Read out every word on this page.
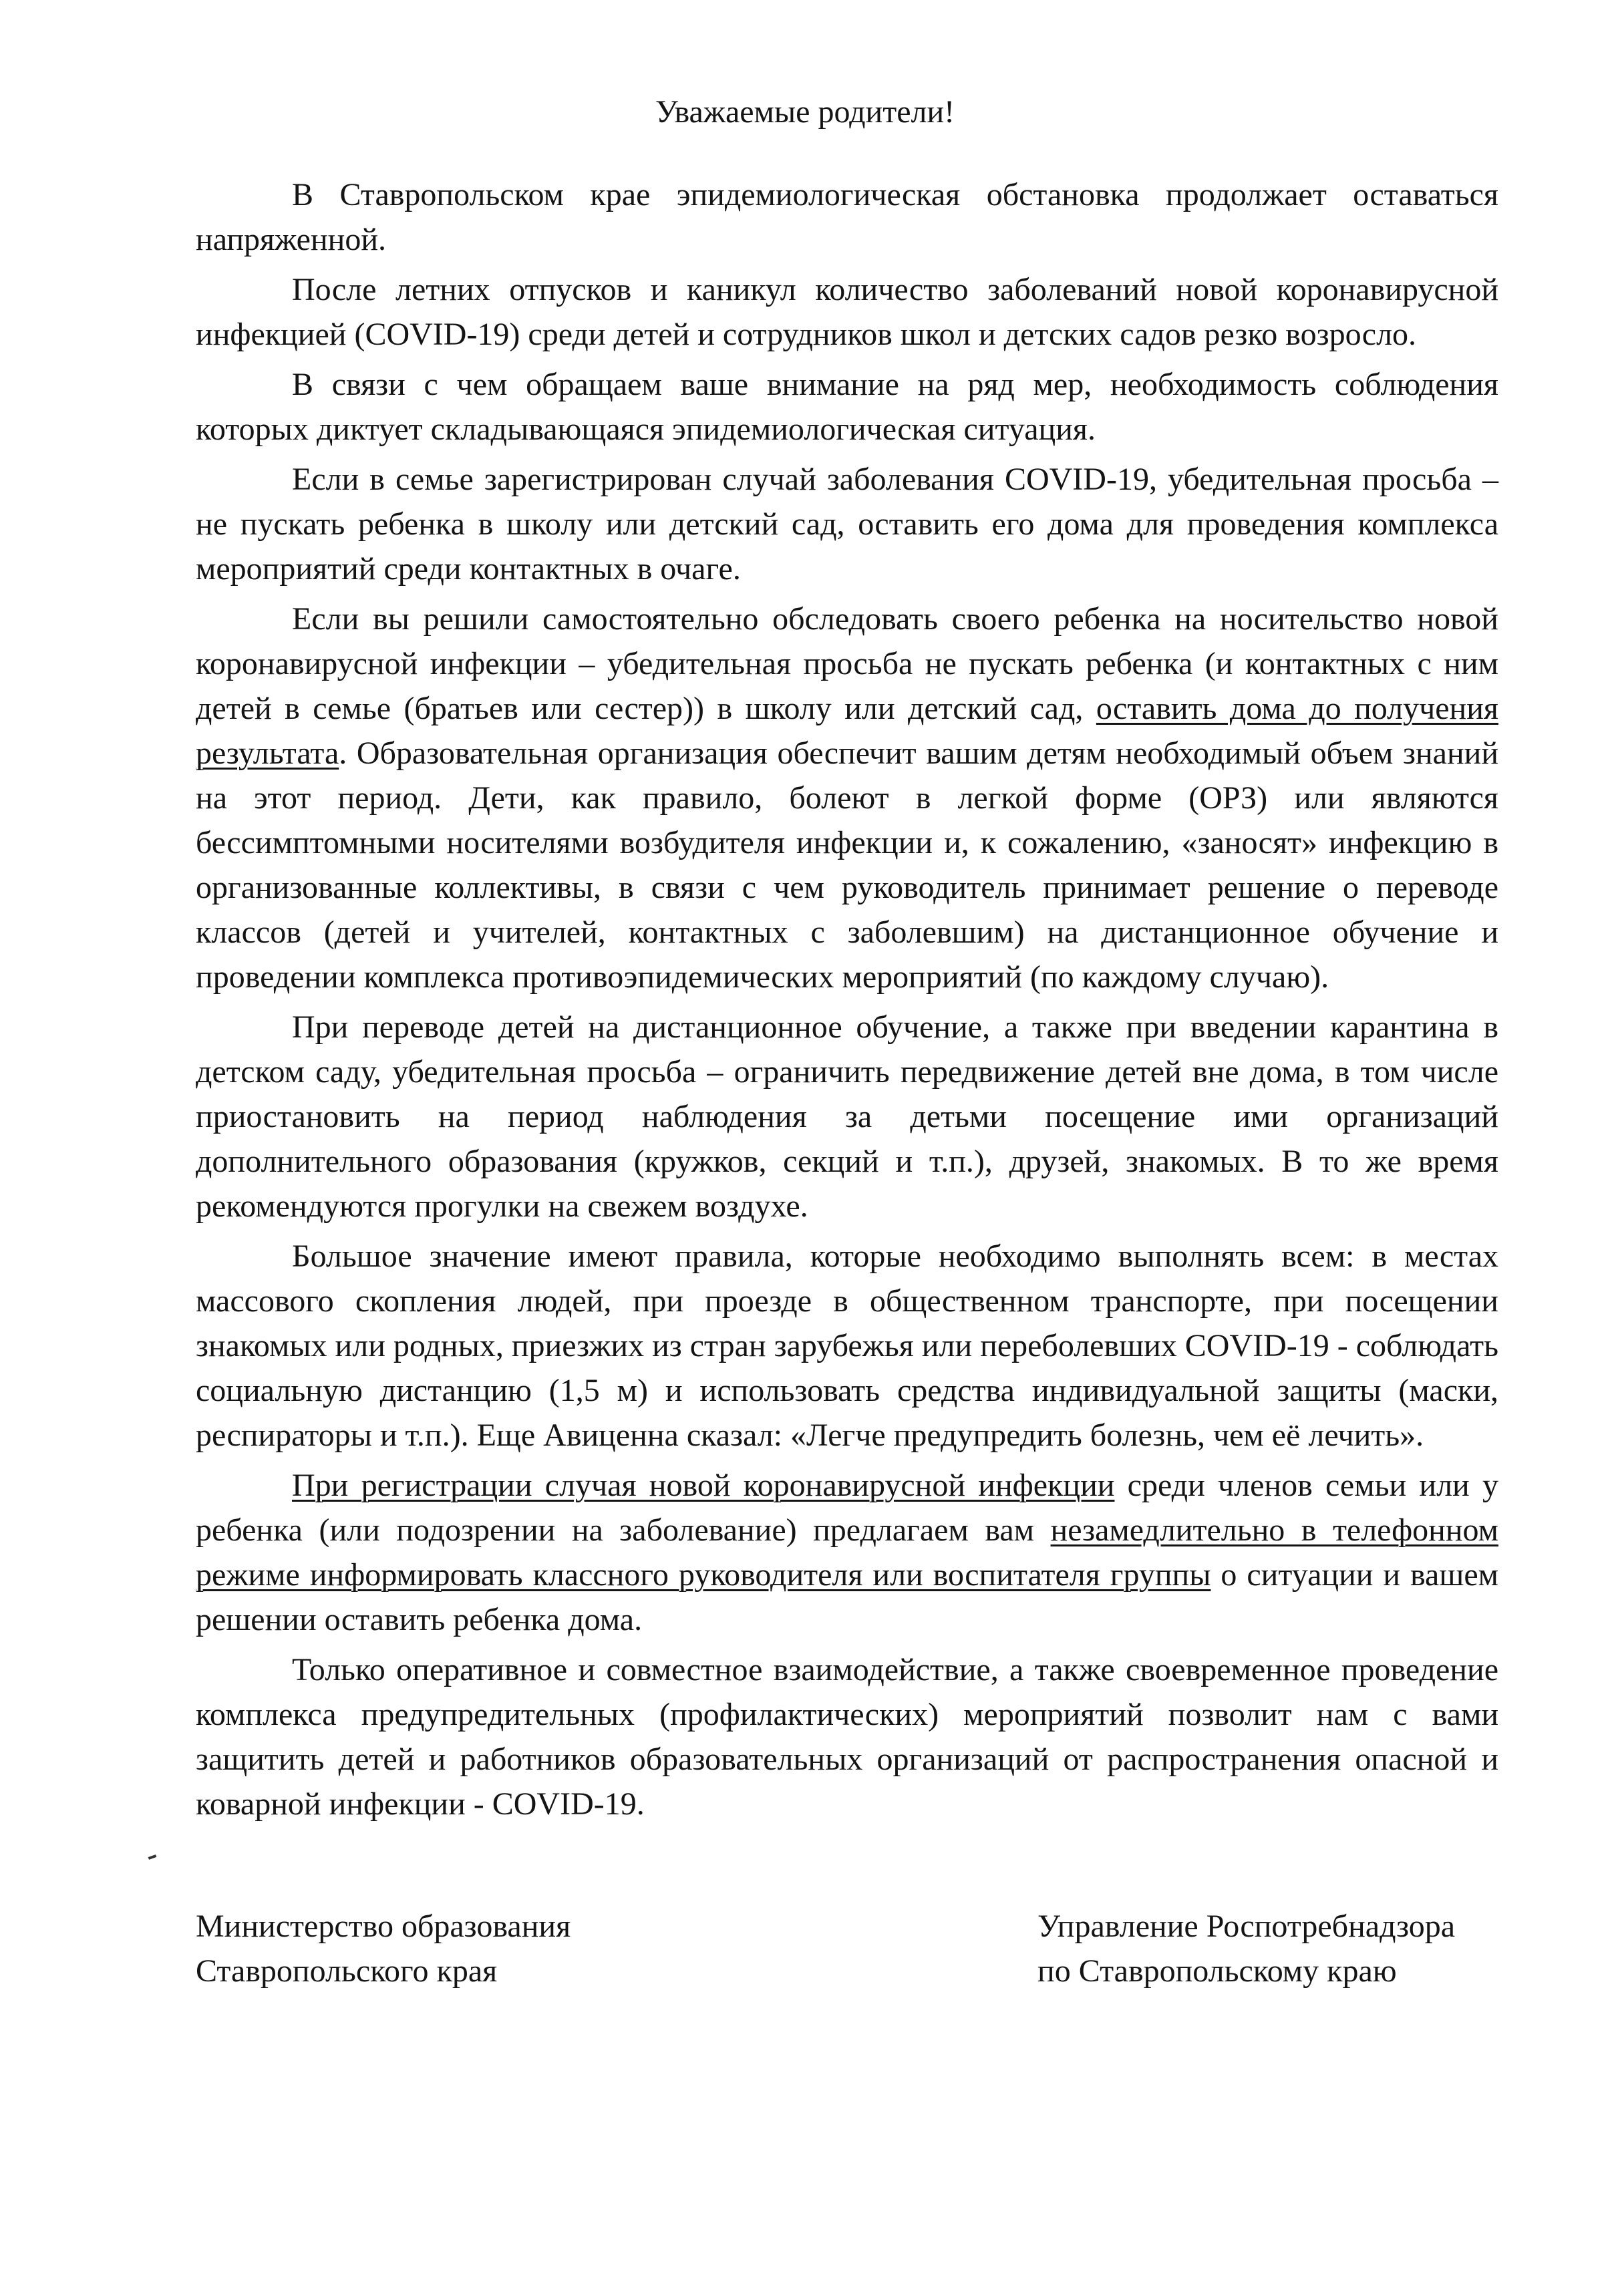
Уважаемые родители!

В Ставропольском крае эпидемиологическая обстановка продолжает оставаться напряженной.

После летних отпусков и каникул количество заболеваний новой коронавирусной инфекцией (COVID-19) среди детей и сотрудников школ и детских садов резко возросло.

В связи с чем обращаем ваше внимание на ряд мер, необходимость соблюдения которых диктует складывающаяся эпидемиологическая ситуация.

Если в семье зарегистрирован случай заболевания COVID-19, убедительная просьба – не пускать ребенка в школу или детский сад, оставить его дома для проведения комплекса мероприятий среди контактных в очаге.

Если вы решили самостоятельно обследовать своего ребенка на носительство новой коронавирусной инфекции – убедительная просьба не пускать ребенка (и контактных с ним детей в семье (братьев или сестер)) в школу или детский сад, оставить дома до получения результата. Образовательная организация обеспечит вашим детям необходимый объем знаний на этот период. Дети, как правило, болеют в легкой форме (ОРЗ) или являются бессимптомными носителями возбудителя инфекции и, к сожалению, «заносят» инфекцию в организованные коллективы, в связи с чем руководитель принимает решение о переводе классов (детей и учителей, контактных с заболевшим) на дистанционное обучение и проведении комплекса противоэпидемических мероприятий (по каждому случаю).

При переводе детей на дистанционное обучение, а также при введении карантина в детском саду, убедительная просьба – ограничить передвижение детей вне дома, в том числе приостановить на период наблюдения за детьми посещение ими организаций дополнительного образования (кружков, секций и т.п.), друзей, знакомых. В то же время рекомендуются прогулки на свежем воздухе.

Большое значение имеют правила, которые необходимо выполнять всем: в местах массового скопления людей, при проезде в общественном транспорте, при посещении знакомых или родных, приезжих из стран зарубежья или переболевших COVID-19 - соблюдать социальную дистанцию (1,5 м) и использовать средства индивидуальной защиты (маски, респираторы и т.п.). Еще Авиценна сказал: «Легче предупредить болезнь, чем её лечить».

При регистрации случая новой коронавирусной инфекции среди членов семьи или у ребенка (или подозрении на заболевание) предлагаем вам незамедлительно в телефонном режиме информировать классного руководителя или воспитателя группы о ситуации и вашем решении оставить ребенка дома.

Только оперативное и совместное взаимодействие, а также своевременное проведение комплекса предупредительных (профилактических) мероприятий позволит нам с вами защитить детей и работников образовательных организаций от распространения опасной и коварной инфекции - COVID-19.

Министерство образования
Ставропольского края
Управление Роспотребнадзора
по Ставропольскому краю
